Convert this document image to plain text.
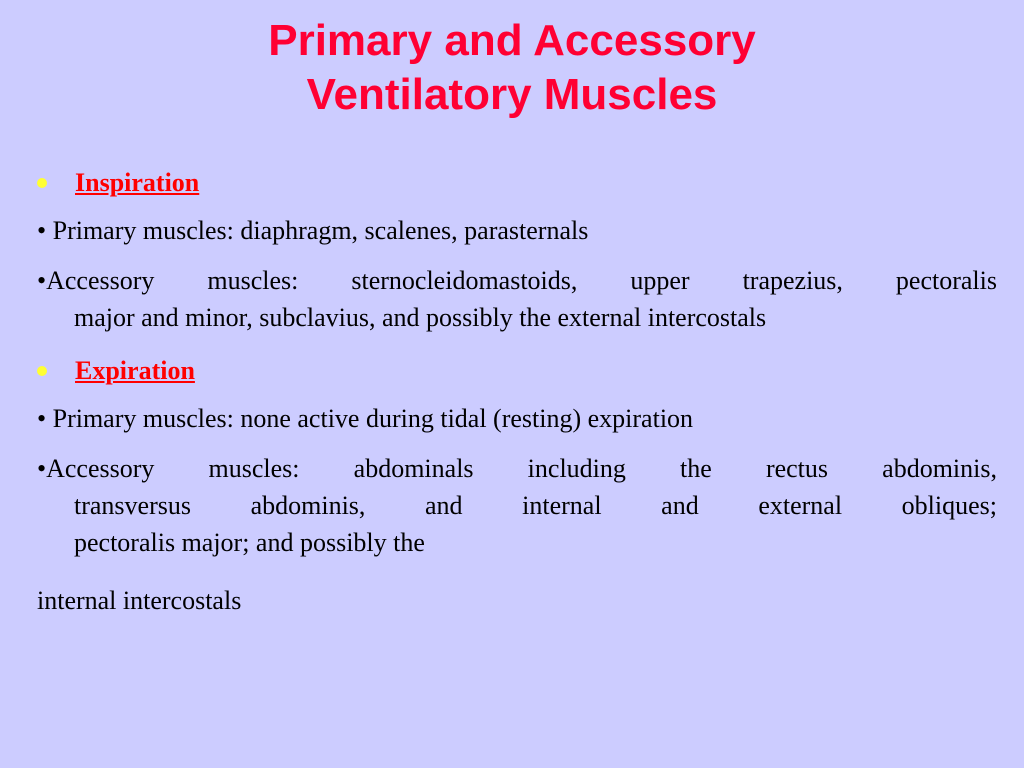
Primary and Accessory
Ventilatory Muscles
Inspiration
• Primary muscles: diaphragm, scalenes, parasternals
•Accessory muscles: sternocleidomastoids, upper trapezius, pectoralis
major and minor, subclavius, and possibly the external intercostals
Expiration
• Primary muscles: none active during tidal (resting) expiration
•Accessory muscles: abdominals including the rectus abdominis,
transversus abdominis, and internal and external obliques;
pectoralis major; and possibly the
internal intercostals
